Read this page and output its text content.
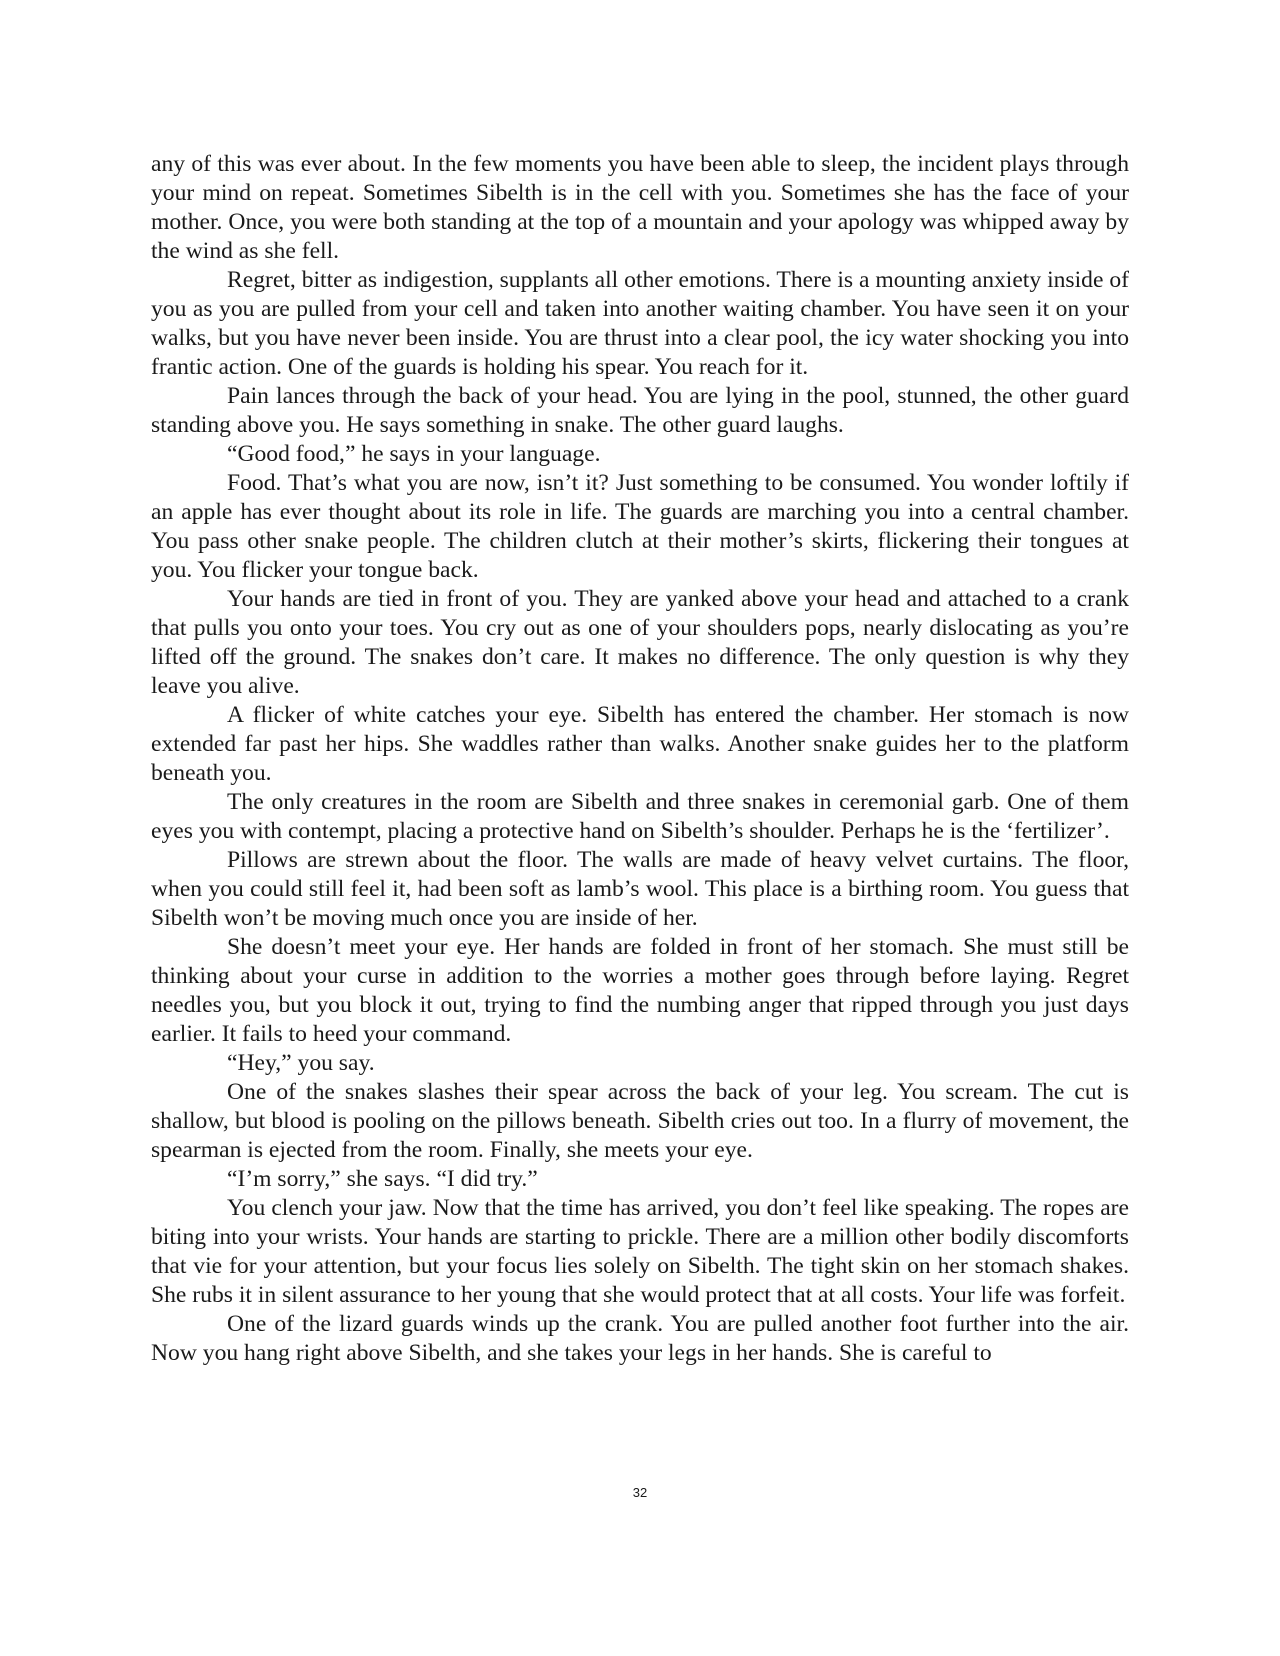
any of this was ever about. In the few moments you have been able to sleep, the incident plays through your mind on repeat. Sometimes Sibelth is in the cell with you. Sometimes she has the face of your mother. Once, you were both standing at the top of a mountain and your apology was whipped away by the wind as she fell.

Regret, bitter as indigestion, supplants all other emotions. There is a mounting anxiety inside of you as you are pulled from your cell and taken into another waiting chamber. You have seen it on your walks, but you have never been inside. You are thrust into a clear pool, the icy water shocking you into frantic action. One of the guards is holding his spear. You reach for it.

Pain lances through the back of your head. You are lying in the pool, stunned, the other guard standing above you. He says something in snake. The other guard laughs.

“Good food,” he says in your language.

Food. That’s what you are now, isn’t it? Just something to be consumed. You wonder loftily if an apple has ever thought about its role in life. The guards are marching you into a central chamber. You pass other snake people. The children clutch at their mother’s skirts, flickering their tongues at you. You flicker your tongue back.

Your hands are tied in front of you. They are yanked above your head and attached to a crank that pulls you onto your toes. You cry out as one of your shoulders pops, nearly dislocating as you’re lifted off the ground. The snakes don’t care. It makes no difference. The only question is why they leave you alive.

A flicker of white catches your eye. Sibelth has entered the chamber. Her stomach is now extended far past her hips. She waddles rather than walks. Another snake guides her to the platform beneath you.

The only creatures in the room are Sibelth and three snakes in ceremonial garb. One of them eyes you with contempt, placing a protective hand on Sibelth’s shoulder. Perhaps he is the ‘fertilizer’.

Pillows are strewn about the floor. The walls are made of heavy velvet curtains. The floor, when you could still feel it, had been soft as lamb’s wool. This place is a birthing room. You guess that Sibelth won’t be moving much once you are inside of her.

She doesn’t meet your eye. Her hands are folded in front of her stomach. She must still be thinking about your curse in addition to the worries a mother goes through before laying. Regret needles you, but you block it out, trying to find the numbing anger that ripped through you just days earlier. It fails to heed your command.

“Hey,” you say.

One of the snakes slashes their spear across the back of your leg. You scream. The cut is shallow, but blood is pooling on the pillows beneath. Sibelth cries out too. In a flurry of movement, the spearman is ejected from the room. Finally, she meets your eye.

“I’m sorry,” she says. “I did try.”

You clench your jaw. Now that the time has arrived, you don’t feel like speaking. The ropes are biting into your wrists. Your hands are starting to prickle. There are a million other bodily discomforts that vie for your attention, but your focus lies solely on Sibelth. The tight skin on her stomach shakes. She rubs it in silent assurance to her young that she would protect that at all costs. Your life was forfeit.

One of the lizard guards winds up the crank. You are pulled another foot further into the air. Now you hang right above Sibelth, and she takes your legs in her hands. She is careful to

32
